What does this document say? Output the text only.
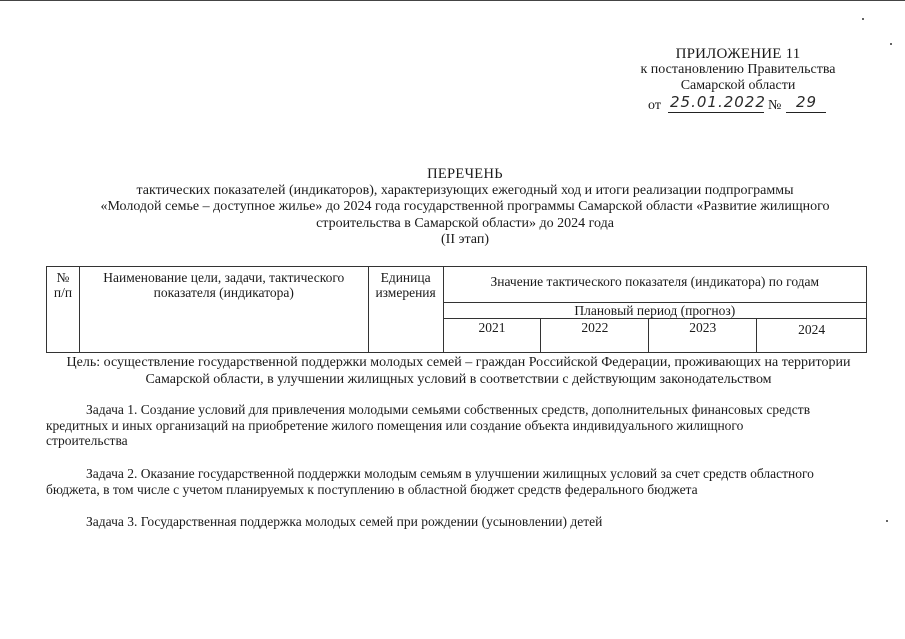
ПРИЛОЖЕНИЕ 11
к постановлению Правительства
Самарской области
от 25.01.2022 № 29
ПЕРЕЧЕНЬ
тактических показателей (индикаторов), характеризующих ежегодный ход и итоги реализации подпрограммы
«Молодой семье – доступное жилье» до 2024 года государственной программы Самарской области «Развитие жилищного
строительства в Самарской области» до 2024 года
(II этап)
№ п/п	Наименование цели, задачи, тактического показателя (индикатора)	Единица измерения	Значение тактического показателя (индикатора) по годам			
			Плановый период (прогноз)			
			2021	2022	2023	2024
Цель: осуществление государственной поддержки молодых семей – граждан Российской Федерации, проживающих на территории
Самарской области, в улучшении жилищных условий в соответствии с действующим законодательством
Задача 1. Создание условий для привлечения молодыми семьями собственных средств, дополнительных финансовых средств
кредитных и иных организаций на приобретение жилого помещения или создание объекта индивидуального жилищного
строительства
Задача 2. Оказание государственной поддержки молодым семьям в улучшении жилищных условий за счет средств областного
бюджета, в том числе с учетом планируемых к поступлению в областной бюджет средств федерального бюджета
Задача 3. Государственная поддержка молодых семей при рождении (усыновлении) детей
